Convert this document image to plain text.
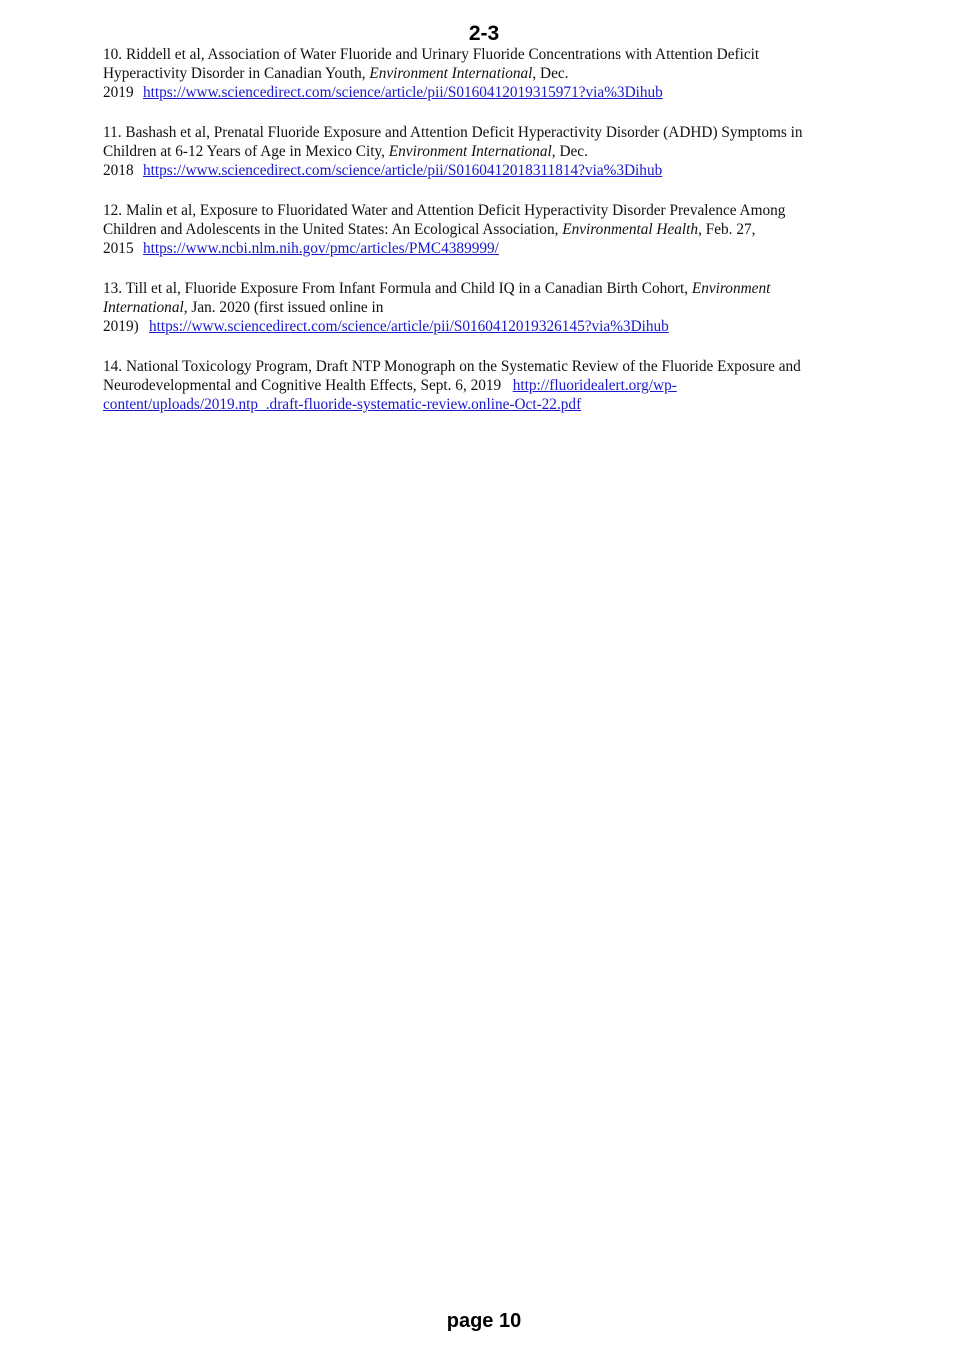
2-3
10. Riddell et al, Association of Water Fluoride and Urinary Fluoride Concentrations with Attention Deficit
Hyperactivity Disorder in Canadian Youth, Environment International, Dec.
2019 https://www.sciencedirect.com/science/article/pii/S0160412019315971?via%3Dihub
11. Bashash et al, Prenatal Fluoride Exposure and Attention Deficit Hyperactivity Disorder (ADHD) Symptoms in
Children at 6-12 Years of Age in Mexico City, Environment International, Dec.
2018 https://www.sciencedirect.com/science/article/pii/S0160412018311814?via%3Dihub
12. Malin et al, Exposure to Fluoridated Water and Attention Deficit Hyperactivity Disorder Prevalence Among
Children and Adolescents in the United States: An Ecological Association, Environmental Health, Feb. 27,
2015 https://www.ncbi.nlm.nih.gov/pmc/articles/PMC4389999/
13. Till et al, Fluoride Exposure From Infant Formula and Child IQ in a Canadian Birth Cohort, Environment
International, Jan. 2020 (first issued online in
2019) https://www.sciencedirect.com/science/article/pii/S0160412019326145?via%3Dihub
14. National Toxicology Program, Draft NTP Monograph on the Systematic Review of the Fluoride Exposure and
Neurodevelopmental and Cognitive Health Effects, Sept. 6, 2019 http://fluoridealert.org/wp-
content/uploads/2019.ntp_.draft-fluoride-systematic-review.online-Oct-22.pdf
page 10
